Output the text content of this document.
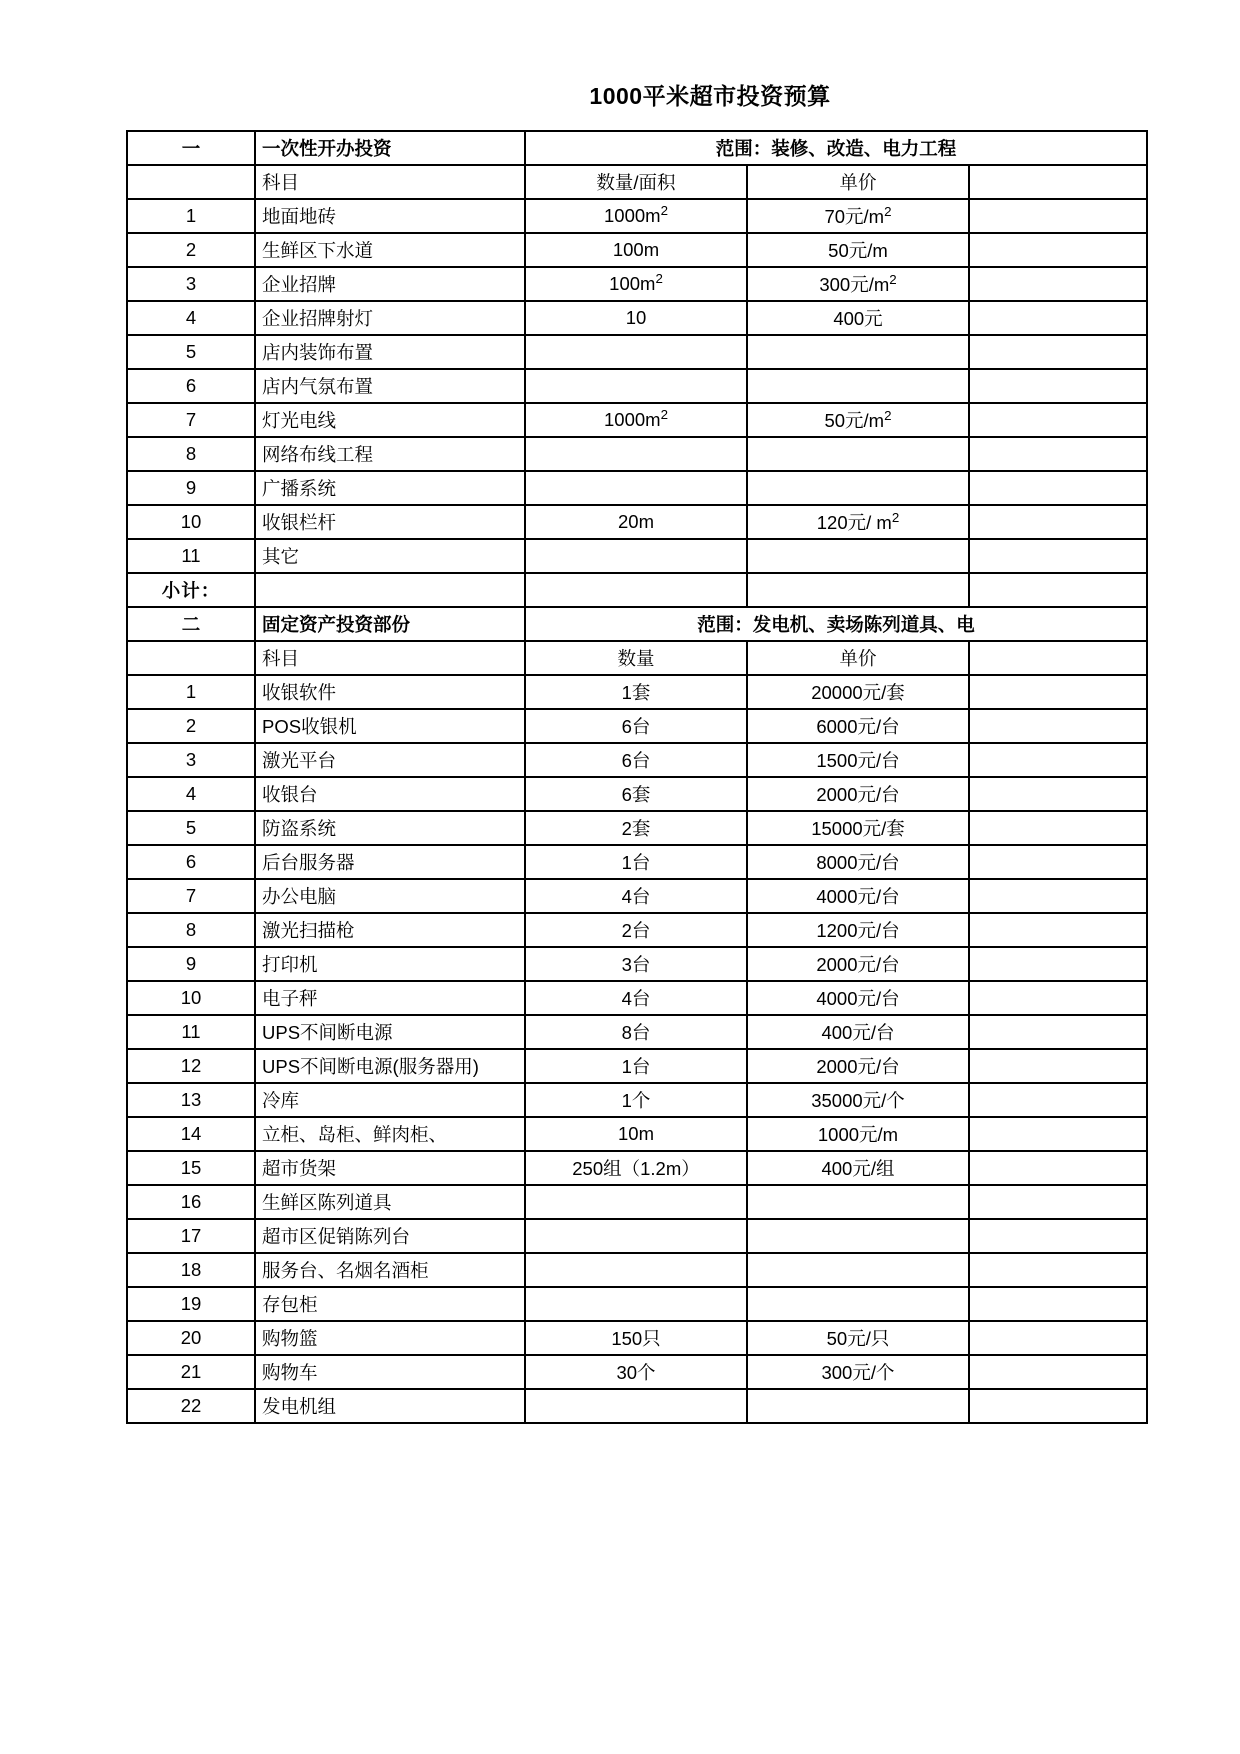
1000平米超市投资预算
一	一次性开办投资	范围：装修、改造、电力工程		
	科目	数量/面积	单价	
1	地面地砖	$1000m^2$	70元$/m^2$	
2	生鲜区下水道	100m	50元/m	
3	企业招牌	$100m^2$	300元$/m^2$	
4	企业招牌射灯	10	400元	
5	店内装饰布置			
6	店内气氛布置			
7	灯光电线	$1000m^2$	50元$/m^2$	
8	网络布线工程			
9	广播系统			
10	收银栏杆	20m	120元/ $m^2$	
11	其它			
小计：				
二	固定资产投资部份	范围：发电机、卖场陈列道具、电		
	科目	数量	单价	
1	收银软件	1套	20000元/套	
2	POS收银机	6台	6000元/台	
3	激光平台	6台	1500元/台	
4	收银台	6套	2000元/台	
5	防盗系统	2套	15000元/套	
6	后台服务器	1台	8000元/台	
7	办公电脑	4台	4000元/台	
8	激光扫描枪	2台	1200元/台	
9	打印机	3台	2000元/台	
10	电子秤	4台	4000元/台	
11	UPS不间断电源	8台	400元/台	
12	UPS不间断电源(服务器用)	1台	2000元/台	
13	冷库	1个	35000元/个	
14	立柜、岛柜、鲜肉柜、	10m	1000元/m	
15	超市货架	250组（1.2m）	400元/组	
16	生鲜区陈列道具			
17	超市区促销陈列台			
18	服务台、名烟名酒柜			
19	存包柜			
20	购物篮	150只	50元/只	
21	购物车	30个	300元/个	
22	发电机组			
